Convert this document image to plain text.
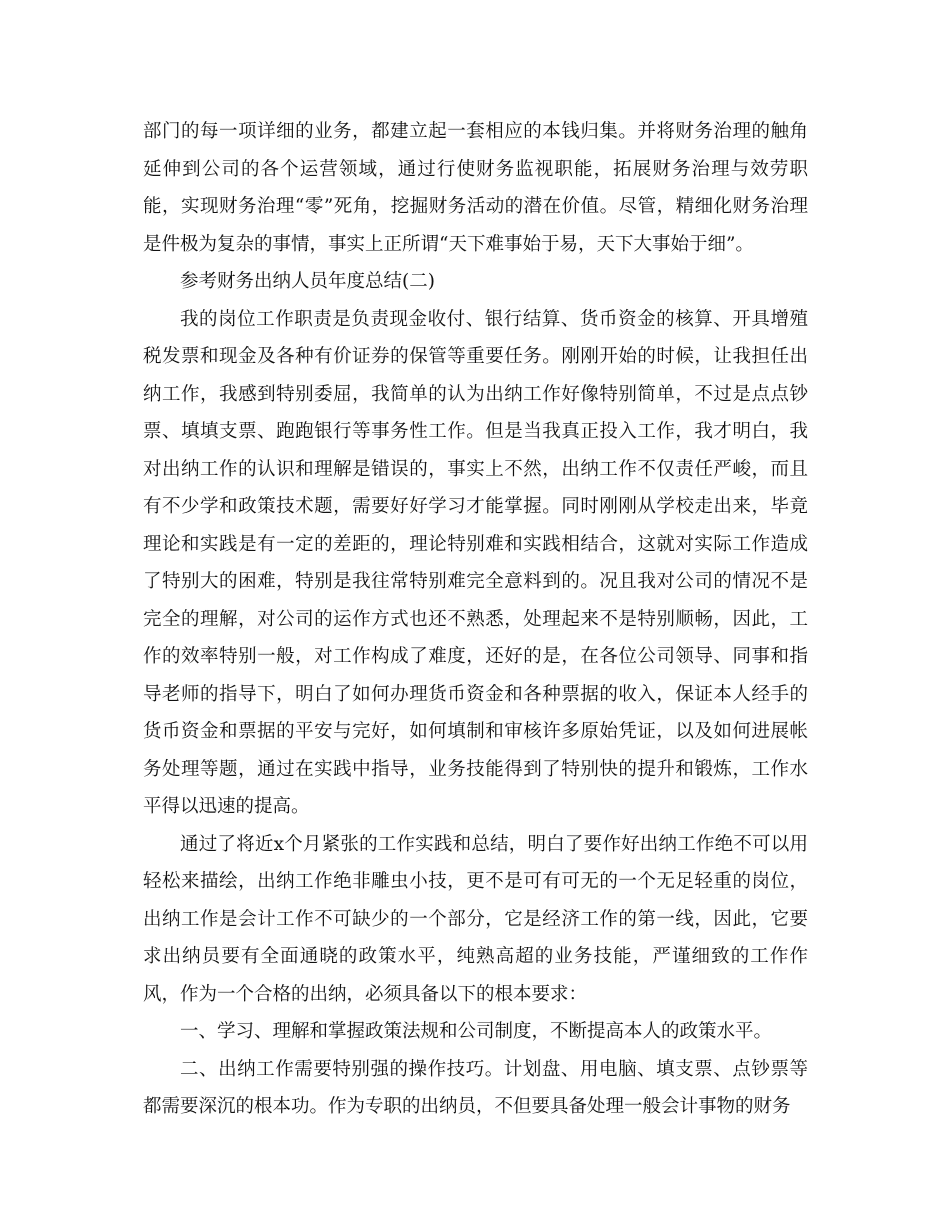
部门的每一项详细的业务，都建立起一套相应的本钱归集。并将财务治理的触角延伸到公司的各个运营领域，通过行使财务监视职能，拓展财务治理与效劳职能，实现财务治理“零”死角，挖掘财务活动的潜在价值。尽管，精细化财务治理是件极为复杂的事情，事实上正所谓“天下难事始于易，天下大事始于细”。

参考财务出纳人员年度总结(二)

我的岗位工作职责是负责现金收付、银行结算、货币资金的核算、开具增殖税发票和现金及各种有价证券的保管等重要任务。刚刚开始的时候，让我担任出纳工作，我感到特别委屈，我简单的认为出纳工作好像特别简单，不过是点点钞票、填填支票、跑跑银行等事务性工作。但是当我真正投入工作，我才明白，我对出纳工作的认识和理解是错误的，事实上不然，出纳工作不仅责任严峻，而且有不少学和政策技术题，需要好好学习才能掌握。同时刚刚从学校走出来，毕竟理论和实践是有一定的差距的，理论特别难和实践相结合，这就对实际工作造成了特别大的困难，特别是我往常特别难完全意料到的。况且我对公司的情况不是完全的理解，对公司的运作方式也还不熟悉，处理起来不是特别顺畅，因此，工作的效率特别一般，对工作构成了难度，还好的是，在各位公司领导、同事和指导老师的指导下，明白了如何办理货币资金和各种票据的收入，保证本人经手的货币资金和票据的平安与完好，如何填制和审核许多原始凭证，以及如何进展帐务处理等题，通过在实践中指导，业务技能得到了特别快的提升和锻炼，工作水平得以迅速的提高。

通过了将近x个月紧张的工作实践和总结，明白了要作好出纳工作绝不可以用轻松来描绘，出纳工作绝非雕虫小技，更不是可有可无的一个无足轻重的岗位，出纳工作是会计工作不可缺少的一个部分，它是经济工作的第一线，因此，它要求出纳员要有全面通晓的政策水平，纯熟高超的业务技能，严谨细致的工作作风，作为一个合格的出纳，必须具备以下的根本要求：

一、学习、理解和掌握政策法规和公司制度，不断提高本人的政策水平。

二、出纳工作需要特别强的操作技巧。计划盘、用电脑、填支票、点钞票等都需要深沉的根本功。作为专职的出纳员，不但要具备处理一般会计事物的财务
